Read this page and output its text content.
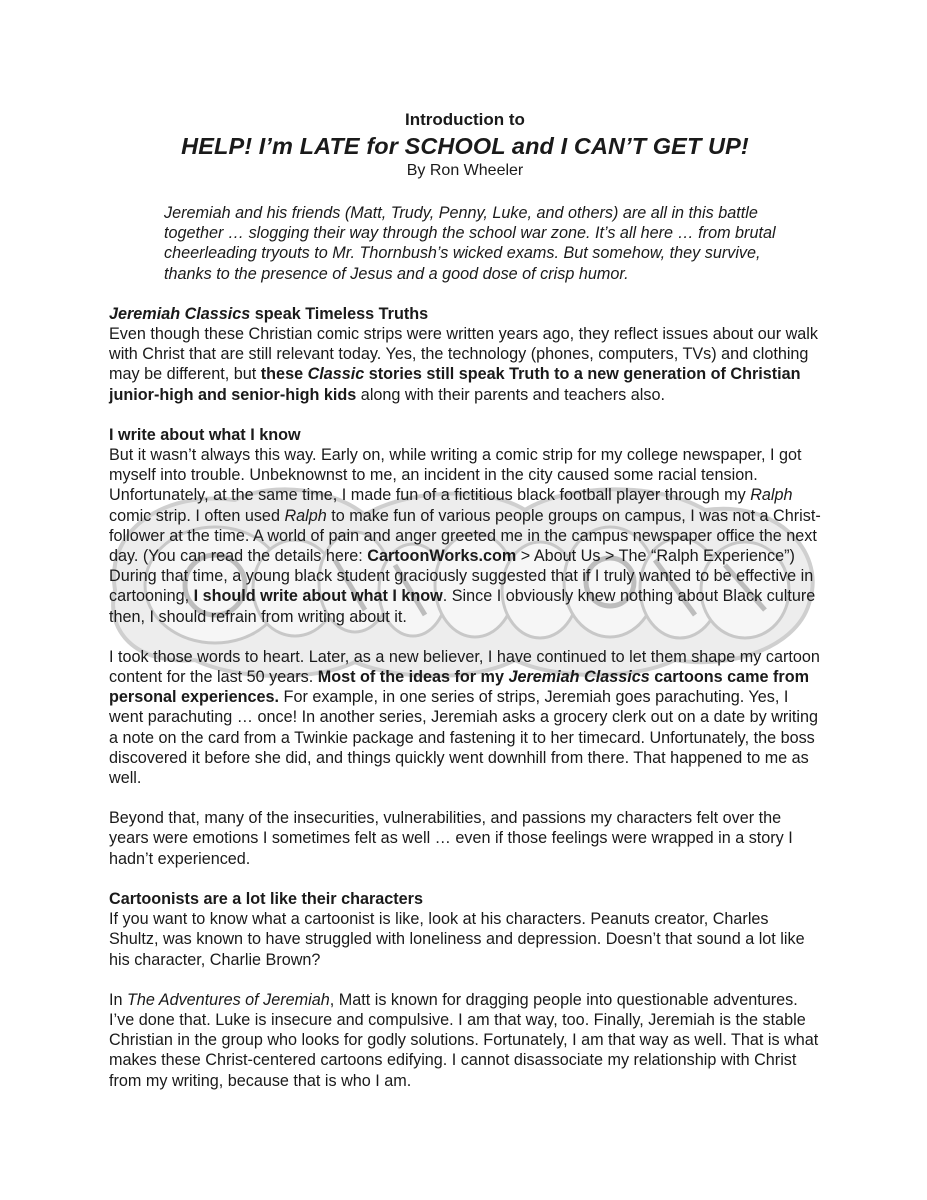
Introduction to
HELP! I’m LATE for SCHOOL and I CAN’T GET UP!
By Ron Wheeler

Jeremiah and his friends (Matt, Trudy, Penny, Luke, and others) are all in this battle together … slogging their way through the school war zone. It’s all here … from brutal cheerleading tryouts to Mr. Thornbush’s wicked exams. But somehow, they survive, thanks to the presence of Jesus and a good dose of crisp humor.

Jeremiah Classics speak Timeless Truths

Even though these Christian comic strips were written years ago, they reflect issues about our walk with Christ that are still relevant today. Yes, the technology (phones, computers, TVs) and clothing may be different, but these Classic stories still speak Truth to a new generation of Christian junior-high and senior-high kids along with their parents and teachers also.

I write about what I know

But it wasn’t always this way. Early on, while writing a comic strip for my college newspaper, I got myself into trouble. Unbeknownst to me, an incident in the city caused some racial tension. Unfortunately, at the same time, I made fun of a fictitious black football player through my Ralph comic strip. I often used Ralph to make fun of various people groups on campus, I was not a Christ-follower at the time. A world of pain and anger greeted me in the campus newspaper office the next day. (You can read the details here: CartoonWorks.com > About Us > The “Ralph Experience”) During that time, a young black student graciously suggested that if I truly wanted to be effective in cartooning, I should write about what I know. Since I obviously knew nothing about Black culture then, I should refrain from writing about it.

I took those words to heart. Later, as a new believer, I have continued to let them shape my cartoon content for the last 50 years. Most of the ideas for my Jeremiah Classics cartoons came from personal experiences. For example, in one series of strips, Jeremiah goes parachuting. Yes, I went parachuting … once! In another series, Jeremiah asks a grocery clerk out on a date by writing a note on the card from a Twinkie package and fastening it to her timecard. Unfortunately, the boss discovered it before she did, and things quickly went downhill from there. That happened to me as well.

Beyond that, many of the insecurities, vulnerabilities, and passions my characters felt over the years were emotions I sometimes felt as well … even if those feelings were wrapped in a story I hadn’t experienced.

Cartoonists are a lot like their characters

If you want to know what a cartoonist is like, look at his characters. Peanuts creator, Charles Shultz, was known to have struggled with loneliness and depression. Doesn’t that sound a lot like his character, Charlie Brown?

In The Adventures of Jeremiah, Matt is known for dragging people into questionable adventures. I’ve done that. Luke is insecure and compulsive. I am that way, too. Finally, Jeremiah is the stable Christian in the group who looks for godly solutions. Fortunately, I am that way as well. That is what makes these Christ-centered cartoons edifying. I cannot disassociate my relationship with Christ from my writing, because that is who I am.
